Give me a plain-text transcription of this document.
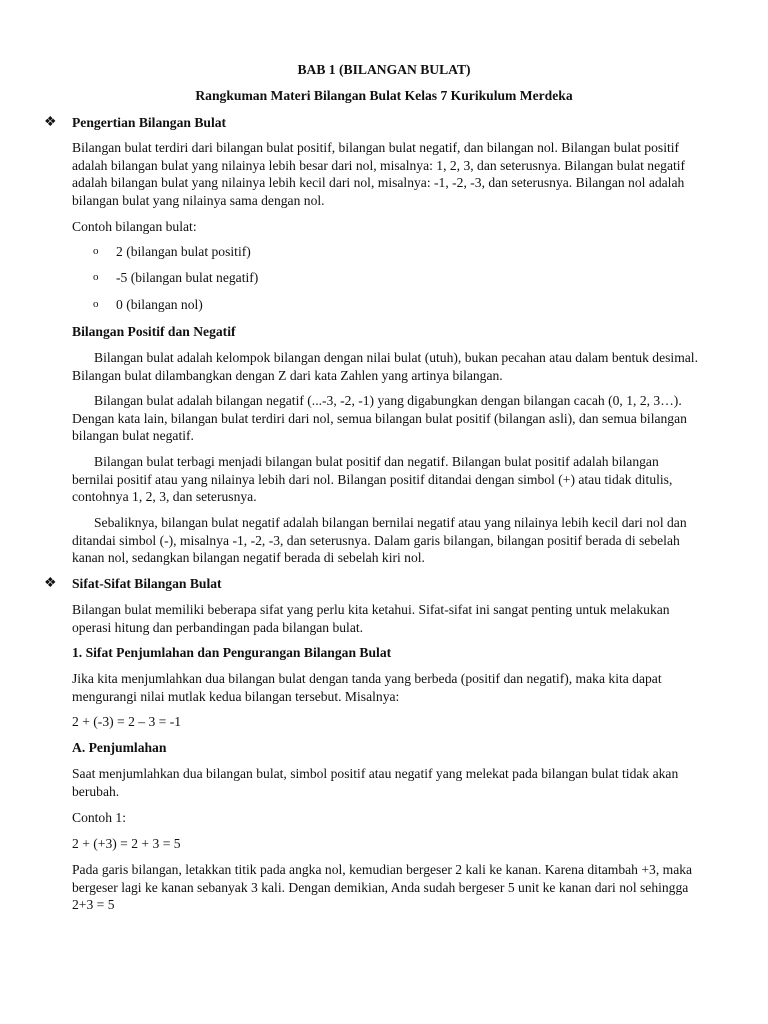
BAB 1 (BILANGAN BULAT)
Rangkuman Materi Bilangan Bulat Kelas 7 Kurikulum Merdeka
❖ Pengertian Bilangan Bulat
Bilangan bulat terdiri dari bilangan bulat positif, bilangan bulat negatif, dan bilangan nol. Bilangan bulat positif adalah bilangan bulat yang nilainya lebih besar dari nol, misalnya: 1, 2, 3, dan seterusnya. Bilangan bulat negatif adalah bilangan bulat yang nilainya lebih kecil dari nol, misalnya: -1, -2, -3, dan seterusnya. Bilangan nol adalah bilangan bulat yang nilainya sama dengan nol.
Contoh bilangan bulat:
o 2 (bilangan bulat positif)
o -5 (bilangan bulat negatif)
o 0 (bilangan nol)
Bilangan Positif dan Negatif
Bilangan bulat adalah kelompok bilangan dengan nilai bulat (utuh), bukan pecahan atau dalam bentuk desimal. Bilangan bulat dilambangkan dengan Z dari kata Zahlen yang artinya bilangan.
Bilangan bulat adalah bilangan negatif (...-3, -2, -1) yang digabungkan dengan bilangan cacah (0, 1, 2, 3…). Dengan kata lain, bilangan bulat terdiri dari nol, semua bilangan bulat positif (bilangan asli), dan semua bilangan bilangan bulat negatif.
Bilangan bulat terbagi menjadi bilangan bulat positif dan negatif. Bilangan bulat positif adalah bilangan bernilai positif atau yang nilainya lebih dari nol. Bilangan positif ditandai dengan simbol (+) atau tidak ditulis, contohnya 1, 2, 3, dan seterusnya.
Sebaliknya, bilangan bulat negatif adalah bilangan bernilai negatif atau yang nilainya lebih kecil dari nol dan ditandai simbol (-), misalnya -1, -2, -3, dan seterusnya. Dalam garis bilangan, bilangan positif berada di sebelah kanan nol, sedangkan bilangan negatif berada di sebelah kiri nol.
❖ Sifat-Sifat Bilangan Bulat
Bilangan bulat memiliki beberapa sifat yang perlu kita ketahui. Sifat-sifat ini sangat penting untuk melakukan operasi hitung dan perbandingan pada bilangan bulat.
1. Sifat Penjumlahan dan Pengurangan Bilangan Bulat
Jika kita menjumlahkan dua bilangan bulat dengan tanda yang berbeda (positif dan negatif), maka kita dapat mengurangi nilai mutlak kedua bilangan tersebut. Misalnya:
2 + (-3) = 2 – 3 = -1
A. Penjumlahan
Saat menjumlahkan dua bilangan bulat, simbol positif atau negatif yang melekat pada bilangan bulat tidak akan berubah.
Contoh 1:
2 + (+3) = 2 + 3 = 5
Pada garis bilangan, letakkan titik pada angka nol, kemudian bergeser 2 kali ke kanan. Karena ditambah +3, maka bergeser lagi ke kanan sebanyak 3 kali. Dengan demikian, Anda sudah bergeser 5 unit ke kanan dari nol sehingga 2+3 = 5
